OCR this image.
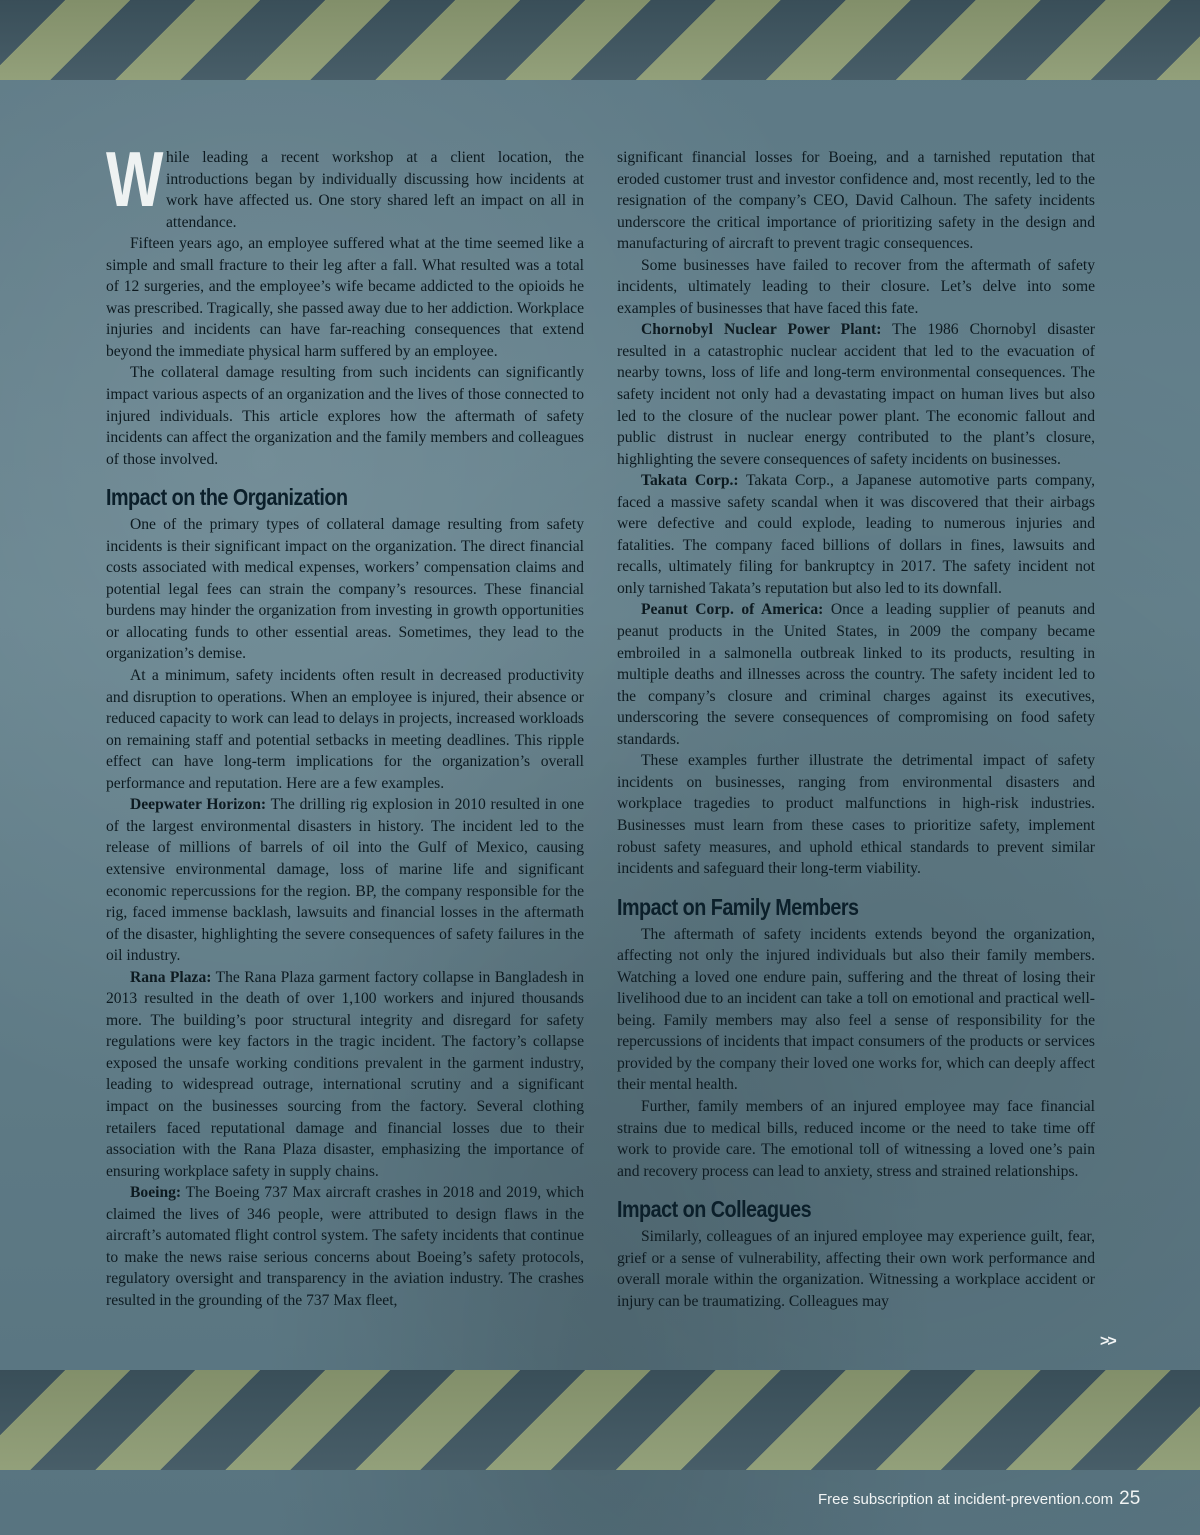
While leading a recent workshop at a client location, the introductions began by individually discussing how incidents at work have affected us. One story shared left an impact on all in attendance.

Fifteen years ago, an employee suffered what at the time seemed like a simple and small fracture to their leg after a fall. What resulted was a total of 12 surgeries, and the employee’s wife became addicted to the opioids he was prescribed. Tragically, she passed away due to her addiction. Workplace injuries and incidents can have far-reaching consequences that extend beyond the immediate physical harm suffered by an employee.

The collateral damage resulting from such incidents can significantly impact various aspects of an organization and the lives of those connected to injured individuals. This article explores how the aftermath of safety incidents can affect the organization and the family members and colleagues of those involved.

Impact on the Organization

One of the primary types of collateral damage resulting from safety incidents is their significant impact on the organization. The direct financial costs associated with medical expenses, workers’ compensation claims and potential legal fees can strain the company’s resources. These financial burdens may hinder the organization from investing in growth opportunities or allocating funds to other essential areas. Sometimes, they lead to the organization’s demise.

At a minimum, safety incidents often result in decreased productivity and disruption to operations. When an employee is injured, their absence or reduced capacity to work can lead to delays in projects, increased workloads on remaining staff and potential setbacks in meeting deadlines. This ripple effect can have long-term implications for the organization’s overall performance and reputation. Here are a few examples.

Deepwater Horizon: The drilling rig explosion in 2010 resulted in one of the largest environmental disasters in history. The incident led to the release of millions of barrels of oil into the Gulf of Mexico, causing extensive environmental damage, loss of marine life and significant economic repercussions for the region. BP, the company responsible for the rig, faced immense backlash, lawsuits and financial losses in the aftermath of the disaster, highlighting the severe consequences of safety failures in the oil industry.

Rana Plaza: The Rana Plaza garment factory collapse in Bangladesh in 2013 resulted in the death of over 1,100 workers and injured thousands more. The building’s poor structural integrity and disregard for safety regulations were key factors in the tragic incident. The factory’s collapse exposed the unsafe working conditions prevalent in the garment industry, leading to widespread outrage, international scrutiny and a significant impact on the businesses sourcing from the factory. Several clothing retailers faced reputational damage and financial losses due to their association with the Rana Plaza disaster, emphasizing the importance of ensuring workplace safety in supply chains.

Boeing: The Boeing 737 Max aircraft crashes in 2018 and 2019, which claimed the lives of 346 people, were attributed to design flaws in the aircraft’s automated flight control system. The safety incidents that continue to make the news raise serious concerns about Boeing’s safety protocols, regulatory oversight and transparency in the aviation industry. The crashes resulted in the grounding of the 737 Max fleet,

significant financial losses for Boeing, and a tarnished reputation that eroded customer trust and investor confidence and, most recently, led to the resignation of the company’s CEO, David Calhoun. The safety incidents underscore the critical importance of prioritizing safety in the design and manufacturing of aircraft to prevent tragic consequences.

Some businesses have failed to recover from the aftermath of safety incidents, ultimately leading to their closure. Let’s delve into some examples of businesses that have faced this fate.

Chornobyl Nuclear Power Plant: The 1986 Chornobyl disaster resulted in a catastrophic nuclear accident that led to the evacuation of nearby towns, loss of life and long-term environmental consequences. The safety incident not only had a devastating impact on human lives but also led to the closure of the nuclear power plant. The economic fallout and public distrust in nuclear energy contributed to the plant’s closure, highlighting the severe consequences of safety incidents on businesses.

Takata Corp.: Takata Corp., a Japanese automotive parts company, faced a massive safety scandal when it was discovered that their airbags were defective and could explode, leading to numerous injuries and fatalities. The company faced billions of dollars in fines, lawsuits and recalls, ultimately filing for bankruptcy in 2017. The safety incident not only tarnished Takata’s reputation but also led to its downfall.

Peanut Corp. of America: Once a leading supplier of peanuts and peanut products in the United States, in 2009 the company became embroiled in a salmonella outbreak linked to its products, resulting in multiple deaths and illnesses across the country. The safety incident led to the company’s closure and criminal charges against its executives, underscoring the severe consequences of compromising on food safety standards.

These examples further illustrate the detrimental impact of safety incidents on businesses, ranging from environmental disasters and workplace tragedies to product malfunctions in high-risk industries. Businesses must learn from these cases to prioritize safety, implement robust safety measures, and uphold ethical standards to prevent similar incidents and safeguard their long-term viability.

Impact on Family Members

The aftermath of safety incidents extends beyond the organization, affecting not only the injured individuals but also their family members. Watching a loved one endure pain, suffering and the threat of losing their livelihood due to an incident can take a toll on emotional and practical well-being. Family members may also feel a sense of responsibility for the repercussions of incidents that impact consumers of the products or services provided by the company their loved one works for, which can deeply affect their mental health.

Further, family members of an injured employee may face financial strains due to medical bills, reduced income or the need to take time off work to provide care. The emotional toll of witnessing a loved one’s pain and recovery process can lead to anxiety, stress and strained relationships.

Impact on Colleagues

Similarly, colleagues of an injured employee may experience guilt, fear, grief or a sense of vulnerability, affecting their own work performance and overall morale within the organization. Witnessing a workplace accident or injury can be traumatizing. Colleagues may

>>
Free subscription at incident-prevention.com 25
